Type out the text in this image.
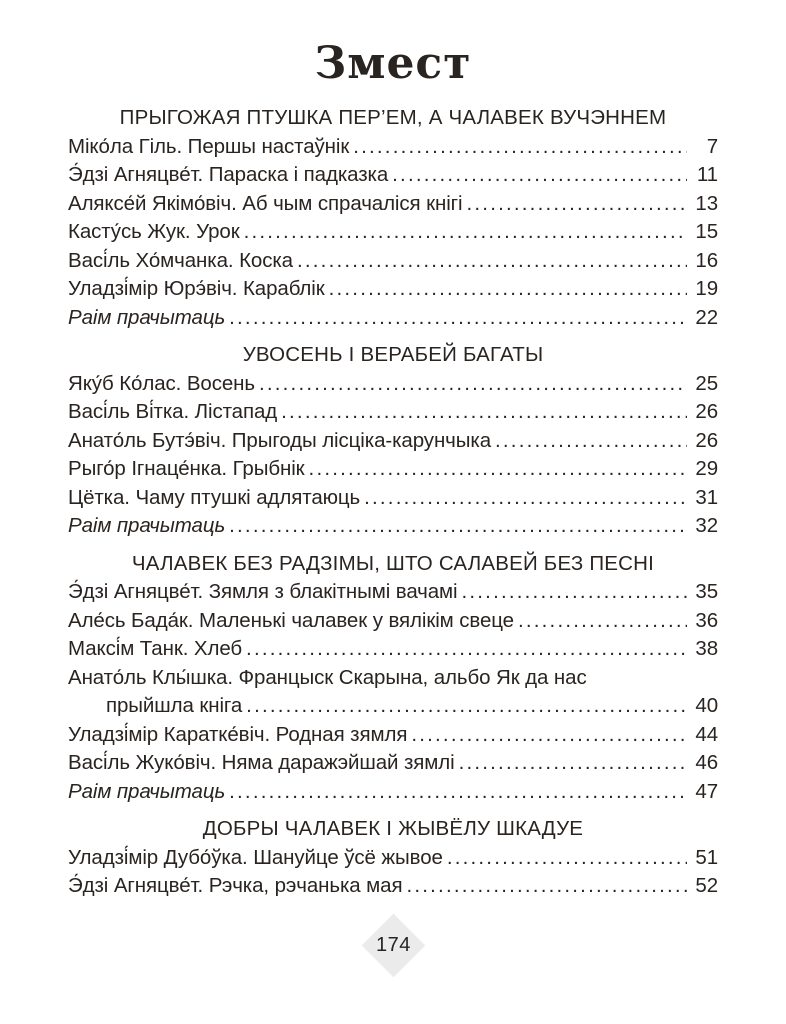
Змест
ПРЫГОЖАЯ ПТУШКА ПЕР’ЕМ, А ЧАЛАВЕК ВУЧЭННЕМ
Міко́ла Гіль. Першы настаўнік .....	7
Э́дзі Агняцве́т. Параска і падказка .....	11
Аляксе́й Якімо́віч. Аб чым спрачаліся кнігі .....	13
Касту́сь Жук. Урок .....	15
Васі́ль Хо́мчанка. Коска .....	16
Уладзі́мір Юрэ́віч. Караблік .....	19
Раім прачытаць .....	22
УВОСЕНЬ І ВЕРАБЕЙ БАГАТЫ
Яку́б Ко́лас. Восень .....	25
Васі́ль Ві́тка. Лістапад .....	26
Анато́ль Бутэ́віч. Прыгоды лісціка-карунчыка .....	26
Рыго́р Ігнаце́нка. Грыбнік .....	29
Цётка. Чаму птушкі адлятаюць .....	31
Раім прачытаць .....	32
ЧАЛАВЕК БЕЗ РАДЗІМЫ, ШТО САЛАВЕЙ БЕЗ ПЕСНІ
Э́дзі Агняцве́т. Зямля з блакітнымі вачамі .....	35
Але́сь Бада́к. Маленькі чалавек у вялікім свеце .....	36
Максі́м Танк. Хлеб .....	38
Анато́ль Клы́шка. Францыск Скарына, альбо Як да нас
прыйшла кніга .....	40
Уладзі́мір Каратке́віч. Родная зямля .....	44
Васі́ль Жуко́віч. Няма даражэйшай зямлі .....	46
Раім прачытаць .....	47
ДОБРЫ ЧАЛАВЕК І ЖЫВЁЛУ ШКАДУЕ
Уладзі́мір Дубо́ўка. Шануйце ўсё жывое .....	51
Э́дзі Агняцве́т. Рэчка, рэчанька мая .....	52
174
